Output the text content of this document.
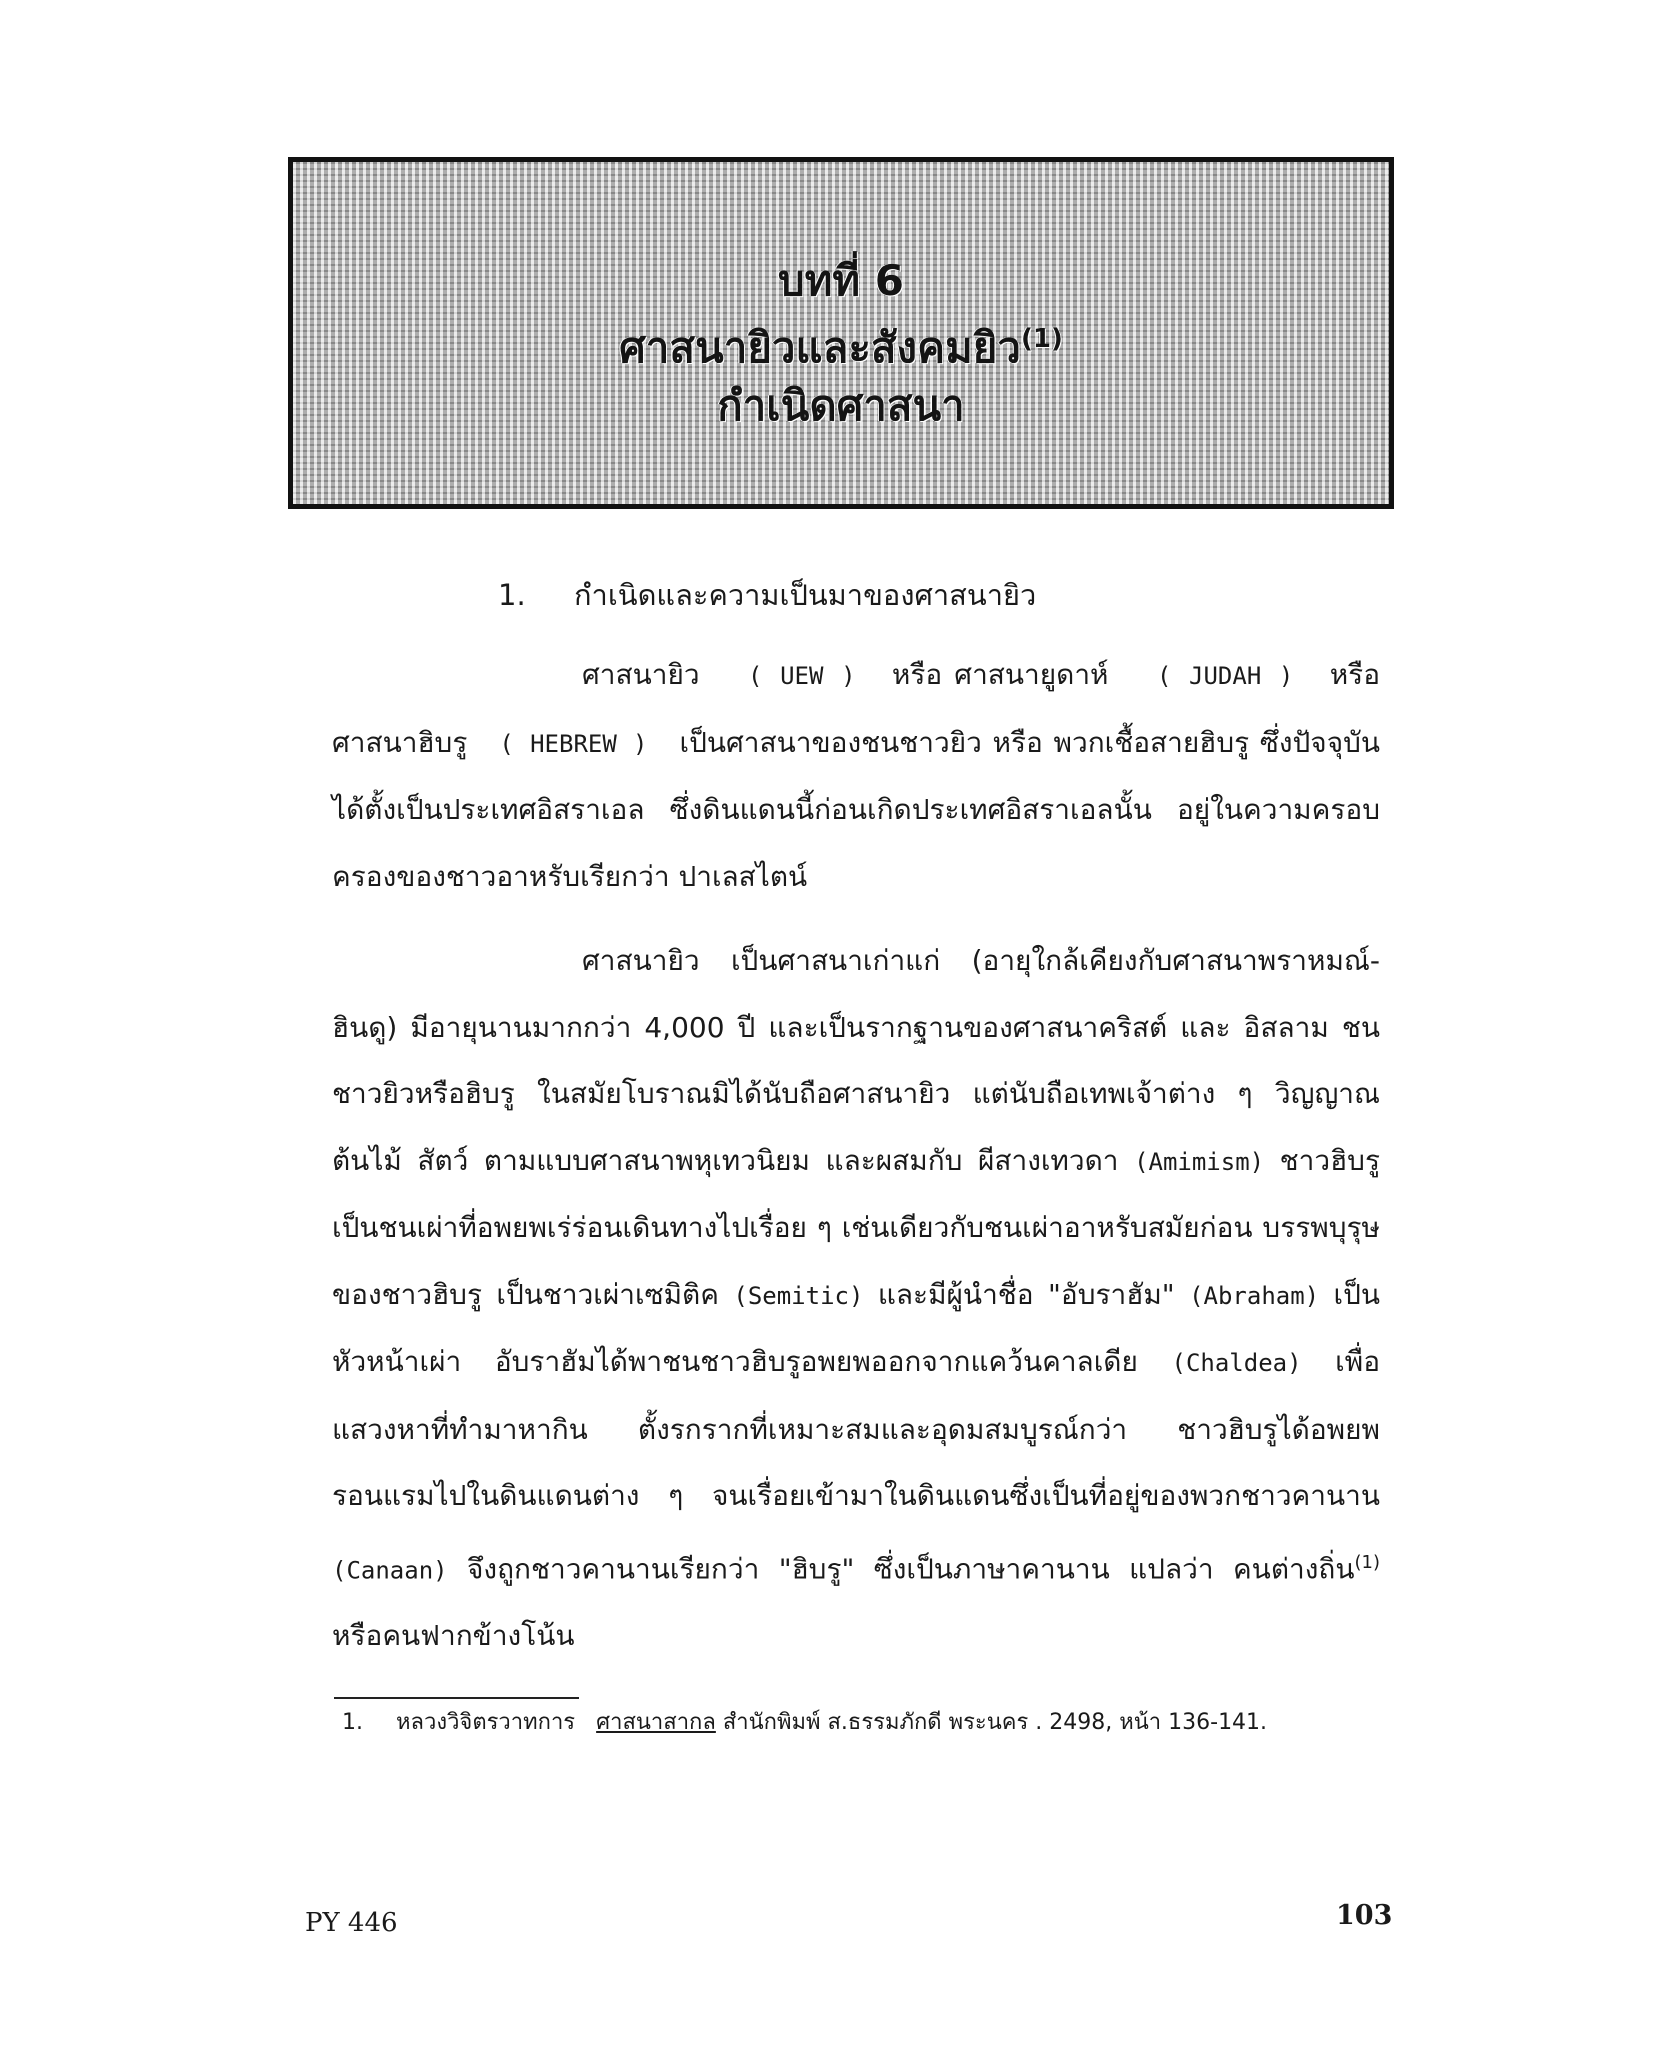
บทที่ 6
ศาสนายิวและสังคมยิว$^{(1)}$
กำเนิดศาสนา
1. กำเนิดและความเป็นมาของศาสนายิว

ศาสนายิว ( UEW ) หรือ ศาสนายูดาห์ ( JUDAH ) หรือ ศาสนาฮิบรู ( HEBREW ) เป็นศาสนาของชนชาวยิว หรือ พวกเชื้อสายฮิบรู ซึ่งปัจจุบันได้ตั้งเป็นประเทศอิสราเอล ซึ่งดินแดนนี้ก่อนเกิดประเทศอิสราเอลนั้น อยู่ในความครอบครองของชาวอาหรับเรียกว่า ปาเลสไตน์

ศาสนายิว เป็นศาสนาเก่าแก่ (อายุใกล้เคียงกับศาสนาพราหมณ์-ฮินดู) มีอายุนานมากกว่า 4,000 ปี และเป็นรากฐานของศาสนาคริสต์ และ อิสลาม ชนชาวยิวหรือฮิบรู ในสมัยโบราณมิได้นับถือศาสนายิว แต่นับถือเทพเจ้าต่าง ๆ วิญญาณ ต้นไม้ สัตว์ ตามแบบศาสนาพหุเทวนิยม และผสมกับ ผีสางเทวดา (Amimism) ชาวฮิบรูเป็นชนเผ่าที่อพยพเร่ร่อนเดินทางไปเรื่อย ๆ เช่นเดียวกับชนเผ่าอาหรับสมัยก่อน บรรพบุรุษของชาวฮิบรู เป็นชาวเผ่าเซมิติค (Semitic) และมีผู้นำชื่อ "อับราฮัม" (Abraham) เป็นหัวหน้าเผ่า อับราฮัมได้พาชนชาวฮิบรูอพยพออกจากแคว้นคาลเดีย (Chaldea) เพื่อแสวงหาที่ทำมาหากิน ตั้งรกรากที่เหมาะสมและอุดมสมบูรณ์กว่า ชาวฮิบรูได้อพยพรอนแรมไปในดินแดนต่าง ๆ จนเรื่อยเข้ามาในดินแดนซึ่งเป็นที่อยู่ของพวกชาวคานาน (Canaan) จึงถูกชาวคานานเรียกว่า "ฮิบรู" ซึ่งเป็นภาษาคานาน แปลว่า คนต่างถิ่น$^{(1)}$ หรือคนฟากข้างโน้น

1. หลวงวิจิตรวาทการ ศาสนาสากล สำนักพิมพ์ ส.ธรรมภักดี พระนคร . 2498, หน้า 136-141.
PY 446	103
